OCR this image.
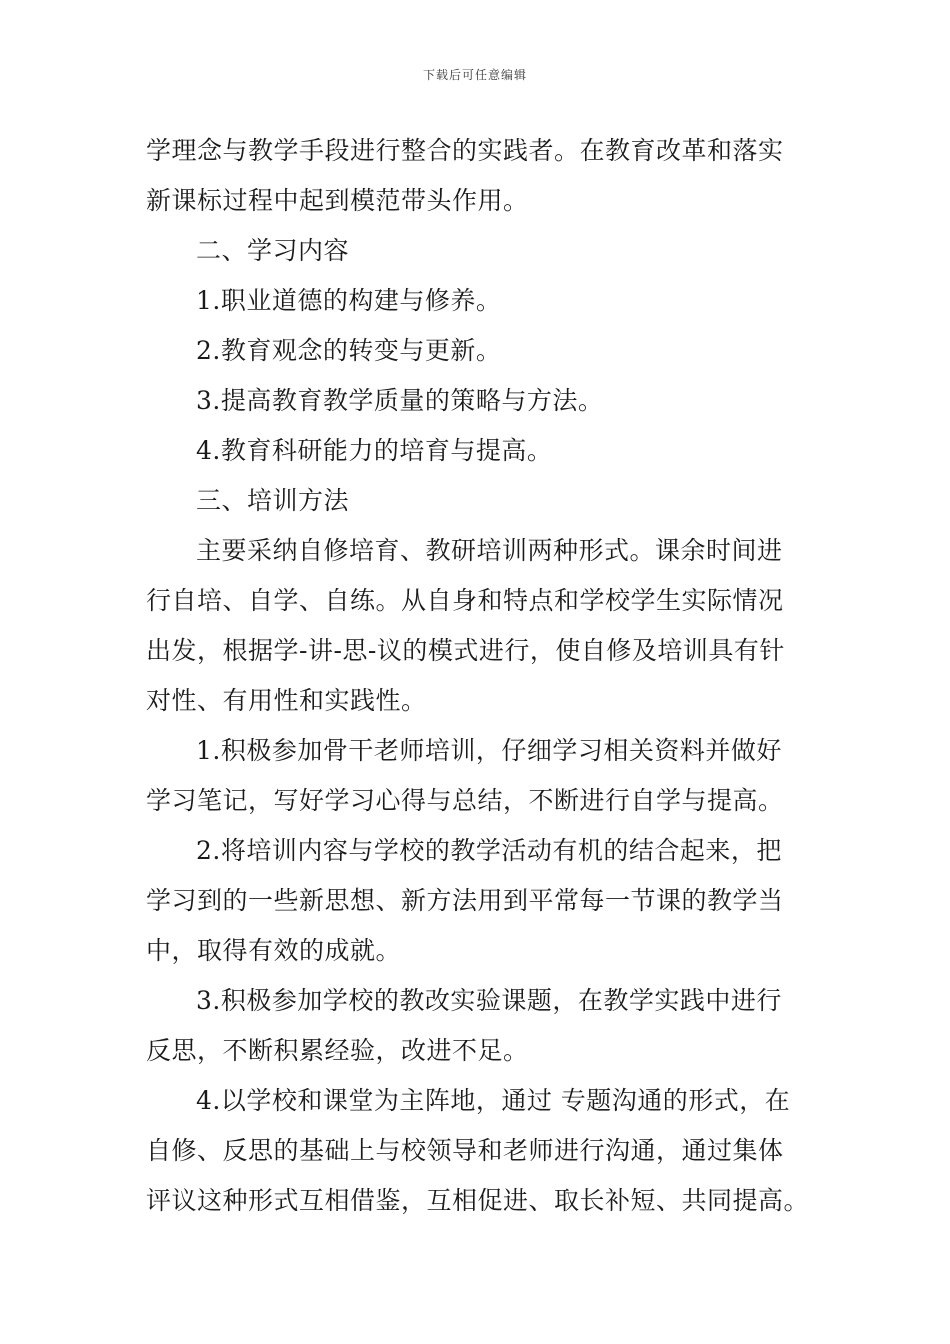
下载后可任意编辑
学理念与教学手段进行整合的实践者。在教育改革和落实
新课标过程中起到模范带头作用。
二、学习内容
1.职业道德的构建与修养。
2.教育观念的转变与更新。
3.提高教育教学质量的策略与方法。
4.教育科研能力的培育与提高。
三、培训方法
主要采纳自修培育、教研培训两种形式。课余时间进
行自培、自学、自练。从自身和特点和学校学生实际情况
出发，根据学-讲-思-议的模式进行，使自修及培训具有针
对性、有用性和实践性。
1.积极参加骨干老师培训，仔细学习相关资料并做好
学习笔记，写好学习心得与总结，不断进行自学与提高。
2.将培训内容与学校的教学活动有机的结合起来，把
学习到的一些新思想、新方法用到平常每一节课的教学当
中，取得有效的成就。
3.积极参加学校的教改实验课题，在教学实践中进行
反思，不断积累经验，改进不足。
4.以学校和课堂为主阵地，通过 专题沟通的形式，在
自修、反思的基础上与校领导和老师进行沟通，通过集体
评议这种形式互相借鉴，互相促进、取长补短、共同提高。
